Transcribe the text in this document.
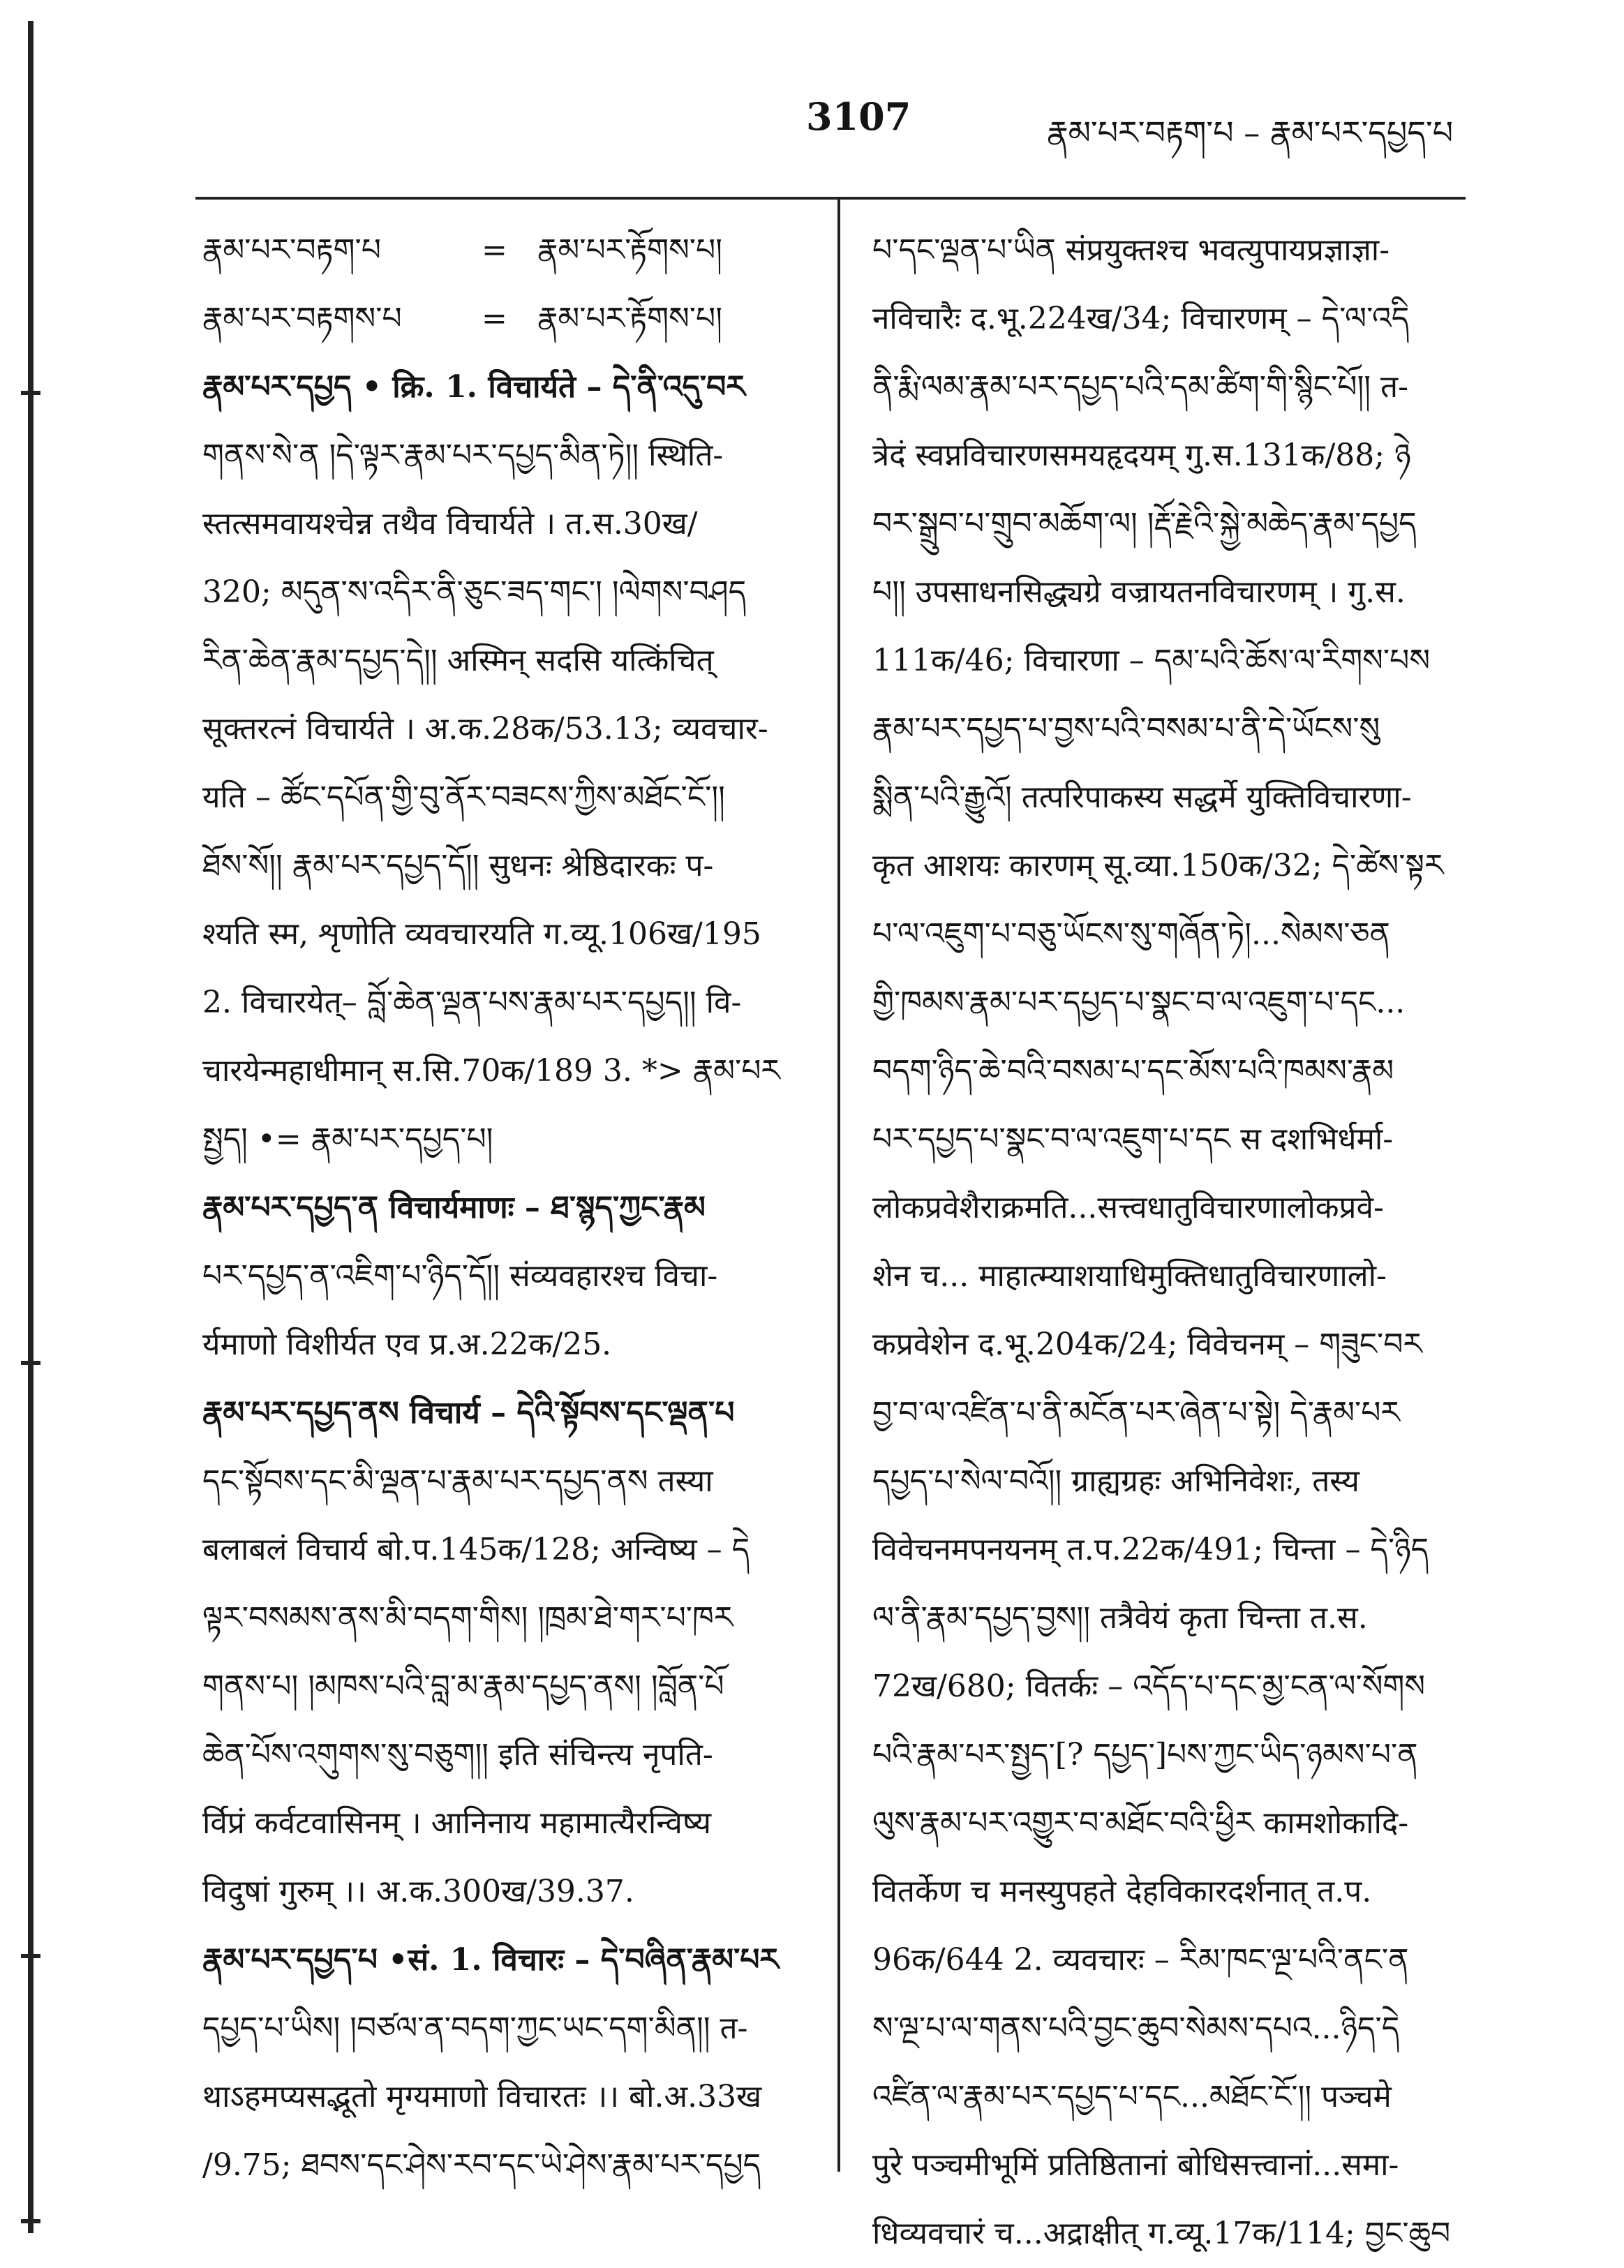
3107	རྣམ་པར་བརྟག་པ – རྣམ་པར་དཔྱད་པ
རྣམ་པར་བརྟག་པ	= རྣམ་པར་རྟོགས་པ།
རྣམ་པར་བརྟགས་པ	= རྣམ་པར་རྟོགས་པ།
རྣམ་པར་དཔྱད • क्रि. 1. विचार्यते – དེ་ནི་འདུ་བར
གནས་སེ་ན །དེ་ལྟར་རྣམ་པར་དཔྱད་མིན་ཏེ།། स्थिति-
स्तत्समवायश्चेन्न तथैव विचार्यते । त.स.30ख/
320; མདུན་ས་འདིར་ནི་ཅུང་ཟད་གང་། །ལེགས་བཤད
རིན་ཆེན་རྣམ་དཔྱད་དེ།། अस्मिन् सदसि यत्किंचित्
सूक्तरत्नं विचार्यते । अ.क.28क/53.13; व्यवचार-
यति – ཚོང་དཔོན་གྱི་བུ་ནོར་བཟངས་ཀྱིས་མཐོང་ངོ་།།
ཐོས་སོ།། རྣམ་པར་དཔྱད་དོ།། सुधनः श्रेष्ठिदारकः प-
श्यति स्म, शृणोति व्यवचारयति ग.व्यू.106ख/195
2. विचारयेत्– བློ་ཆེན་ལྡན་པས་རྣམ་པར་དཔྱད།། वि-
चारयेन्महाधीमान् स.सि.70क/189 3. *> རྣམ་པར
སྤྱད། •= རྣམ་པར་དཔྱད་པ།
རྣམ་པར་དཔྱད་ན विचार्यमाणः – ཐ་སྙད་ཀྱང་རྣམ
པར་དཔྱད་ན་འཇིག་པ་ཉིད་དོ།། संव्यवहारश्च विचा-
र्यमाणो विशीर्यत एव प्र.अ.22क/25.
རྣམ་པར་དཔྱད་ནས विचार्य – དེའི་སྟོབས་དང་ལྡན་པ
དང་སྟོབས་དང་མི་ལྡན་པ་རྣམ་པར་དཔྱད་ནས तस्या
बलाबलं विचार्य बो.प.145क/128; अन्विष्य – དེ
ལྟར་བསམས་ནས་མི་བདག་གིས། །ཁྲམ་ཐེ་གར་པ་ཁར
གནས་པ། །མཁས་པའི་བླ་མ་རྣམ་དཔྱད་ནས། །བློན་པོ
ཆེན་པོས་འགུགས་སུ་བཅུག།། इति संचिन्त्य नृपति-
र्विप्रं कर्वटवासिनम् । आनिनाय महामात्यैरन्विष्य
विदुषां गुरुम् ।। अ.क.300ख/39.37.
རྣམ་པར་དཔྱད་པ •सं. 1. विचारः – དེ་བཞིན་རྣམ་པར
དཔྱད་པ་ཡིས། །བཙལ་ན་བདག་ཀྱང་ཡང་དག་མིན།། त-
थाऽहमप्यसद्भूतो मृग्यमाणो विचारतः ।। बो.अ.33ख
/9.75; ཐབས་དང་ཤེས་རབ་དང་ཡེ་ཤེས་རྣམ་པར་དཔྱད
པ་དང་ལྡན་པ་ཡིན संप्रयुक्तश्च भवत्युपायप्रज्ञाज्ञा-
नविचारैः द.भू.224ख/34; विचारणम् – དེ་ལ་འདི
ནི་རྨི་ལམ་རྣམ་པར་དཔྱད་པའི་དམ་ཚིག་གི་སྙིང་པོ།། त-
त्रेदं स्वप्नविचारणसमयहृदयम् गु.स.131क/88; ཉེ
བར་སྒྲུབ་པ་གྲུབ་མཆོག་ལ། །རྡོ་རྗེའི་སྐྱེ་མཆེད་རྣམ་དཔྱད
པ།། उपसाधनसिद्ध्यग्रे वज्रायतनविचारणम् । गु.स.
111क/46; विचारणा – དམ་པའི་ཆོས་ལ་རིགས་པས
རྣམ་པར་དཔྱད་པ་བྱས་པའི་བསམ་པ་ནི་དེ་ཡོངས་སུ
སྨིན་པའི་རྒྱུའོ། तत्परिपाकस्य सद्धर्मे युक्तिविचारणा-
कृत आशयः कारणम् सू.व्या.150क/32; དེ་ཚེས་སྟར
པ་ལ་འཇུག་པ་བཅུ་ཡོངས་སུ་གཞོན་ཏེ།...སེམས་ཅན
གྱི་ཁམས་རྣམ་པར་དཔྱད་པ་སྣང་བ་ལ་འཇུག་པ་དང...
བདག་ཉིད་ཆེ་བའི་བསམ་པ་དང་མོས་པའི་ཁམས་རྣམ
པར་དཔྱད་པ་སྣང་བ་ལ་འཇུག་པ་དང स दशभिर्धर्मा-
लोकप्रवेशैराक्रमति...सत्त्वधातुविचारणालोकप्रवे-
शेन च... माहात्म्याशयाधिमुक्तिधातुविचारणालो-
कप्रवेशेन द.भू.204क/24; विवेचनम् – གཟུང་བར
བྱ་བ་ལ་འཛིན་པ་ནི་མངོན་པར་ཞེན་པ་སྟེ། དེ་རྣམ་པར
དཔྱད་པ་སེལ་བའོ།། ग्राह्यग्रहः अभिनिवेशः, तस्य
विवेचनमपनयनम् त.प.22क/491; चिन्ता – དེ་ཉིད
ལ་ནི་རྣམ་དཔྱད་བྱས།། तत्रैवेयं कृता चिन्ता त.स.
72ख/680; वितर्कः – འདོད་པ་དང་མྱ་ངན་ལ་སོགས
པའི་རྣམ་པར་སྤྱད་[? དཔྱད་]པས་ཀྱང་ཡིད་ཉམས་པ་ན
ལུས་རྣམ་པར་འགྱུར་བ་མཐོང་བའི་ཕྱིར कामशोकादि-
वितर्केण च मनस्युपहते देहविकारदर्शनात् त.प.
96क/644 2. व्यवचारः – རིམ་ཁང་ལྔ་པའི་ནང་ན
ས་ལྔ་པ་ལ་གནས་པའི་བྱང་ཆུབ་སེམས་དཔའ...ཉིད་དེ
འཛིན་ལ་རྣམ་པར་དཔྱད་པ་དང...མཐོང་ངོ་།། पञ्चमे
पुरे पञ्चमीभूमिं प्रतिष्ठितानां बोधिसत्त्वानां...समा-
धिव्यवचारं च...अद्राक्षीत् ग.व्यू.17क/114; བྱང་ཆུབ
